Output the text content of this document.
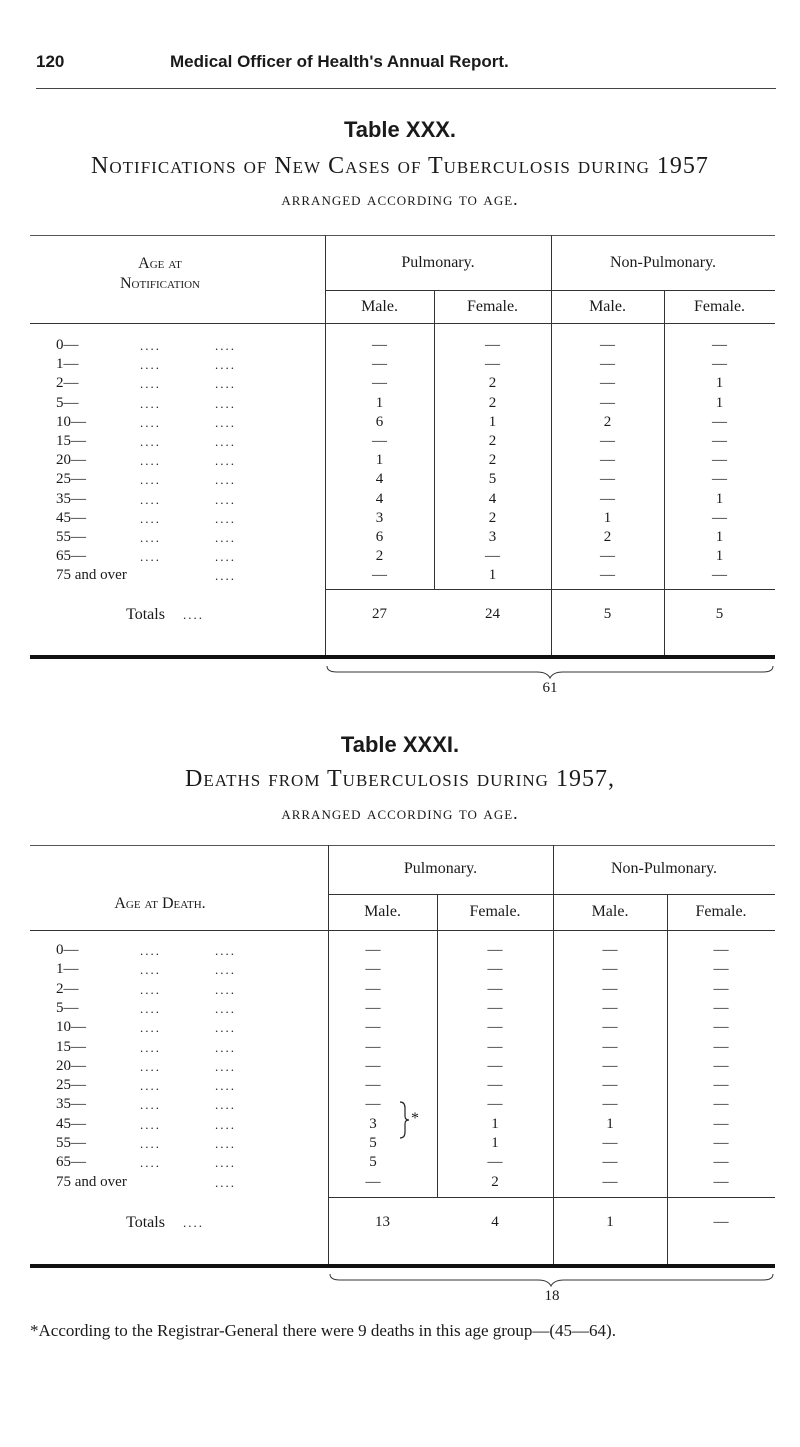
120	Medical Officer of Health's Annual Report.
Table XXX.
Notifications of New Cases of Tuberculosis during 1957
arranged according to age.
Age at
Notification
Pulmonary.	Non-Pulmonary.
Male.	Female.	Male.	Female.
0—	....	....	—	—	—	—
1—	....	....	—	—	—	—
2—	....	....	—	2	—	1
5—	....	....	1	2	—	1
10—	....	....	6	1	2	—
15—	....	....	—	2	—	—
20—	....	....	1	2	—	—
25—	....	....	4	5	—	—
35—	....	....	4	4	—	1
45—	....	....	3	2	1	—
55—	....	....	6	3	2	1
65—	....	....	2	—	—	1
75 and over	....	—	1	—	—
Totals ....	27	24	5	5
61
Table XXXI.
Deaths from Tuberculosis during 1957,
arranged according to age.
Age at Death.
Pulmonary.	Non-Pulmonary.
Male.	Female.	Male.	Female.
0—	....	....	—	—	—	—
1—	....	....	—	—	—	—
2—	....	....	—	—	—	—
5—	....	....	—	—	—	—
10—	....	....	—	—	—	—
15—	....	....	—	—	—	—
20—	....	....	—	—	—	—
25—	....	....	—	—	—	—
35—	....	....	—	—	—	—
45—	....	....	3	1	1	—
55—	....	....	5	1	—	—
65—	....	....	5	—	—	—
75 and over	....	—	2	—	—
*
Totals ....	13	4	1	—
18
*According to the Registrar-General there were 9 deaths in this age group—(45—64).
